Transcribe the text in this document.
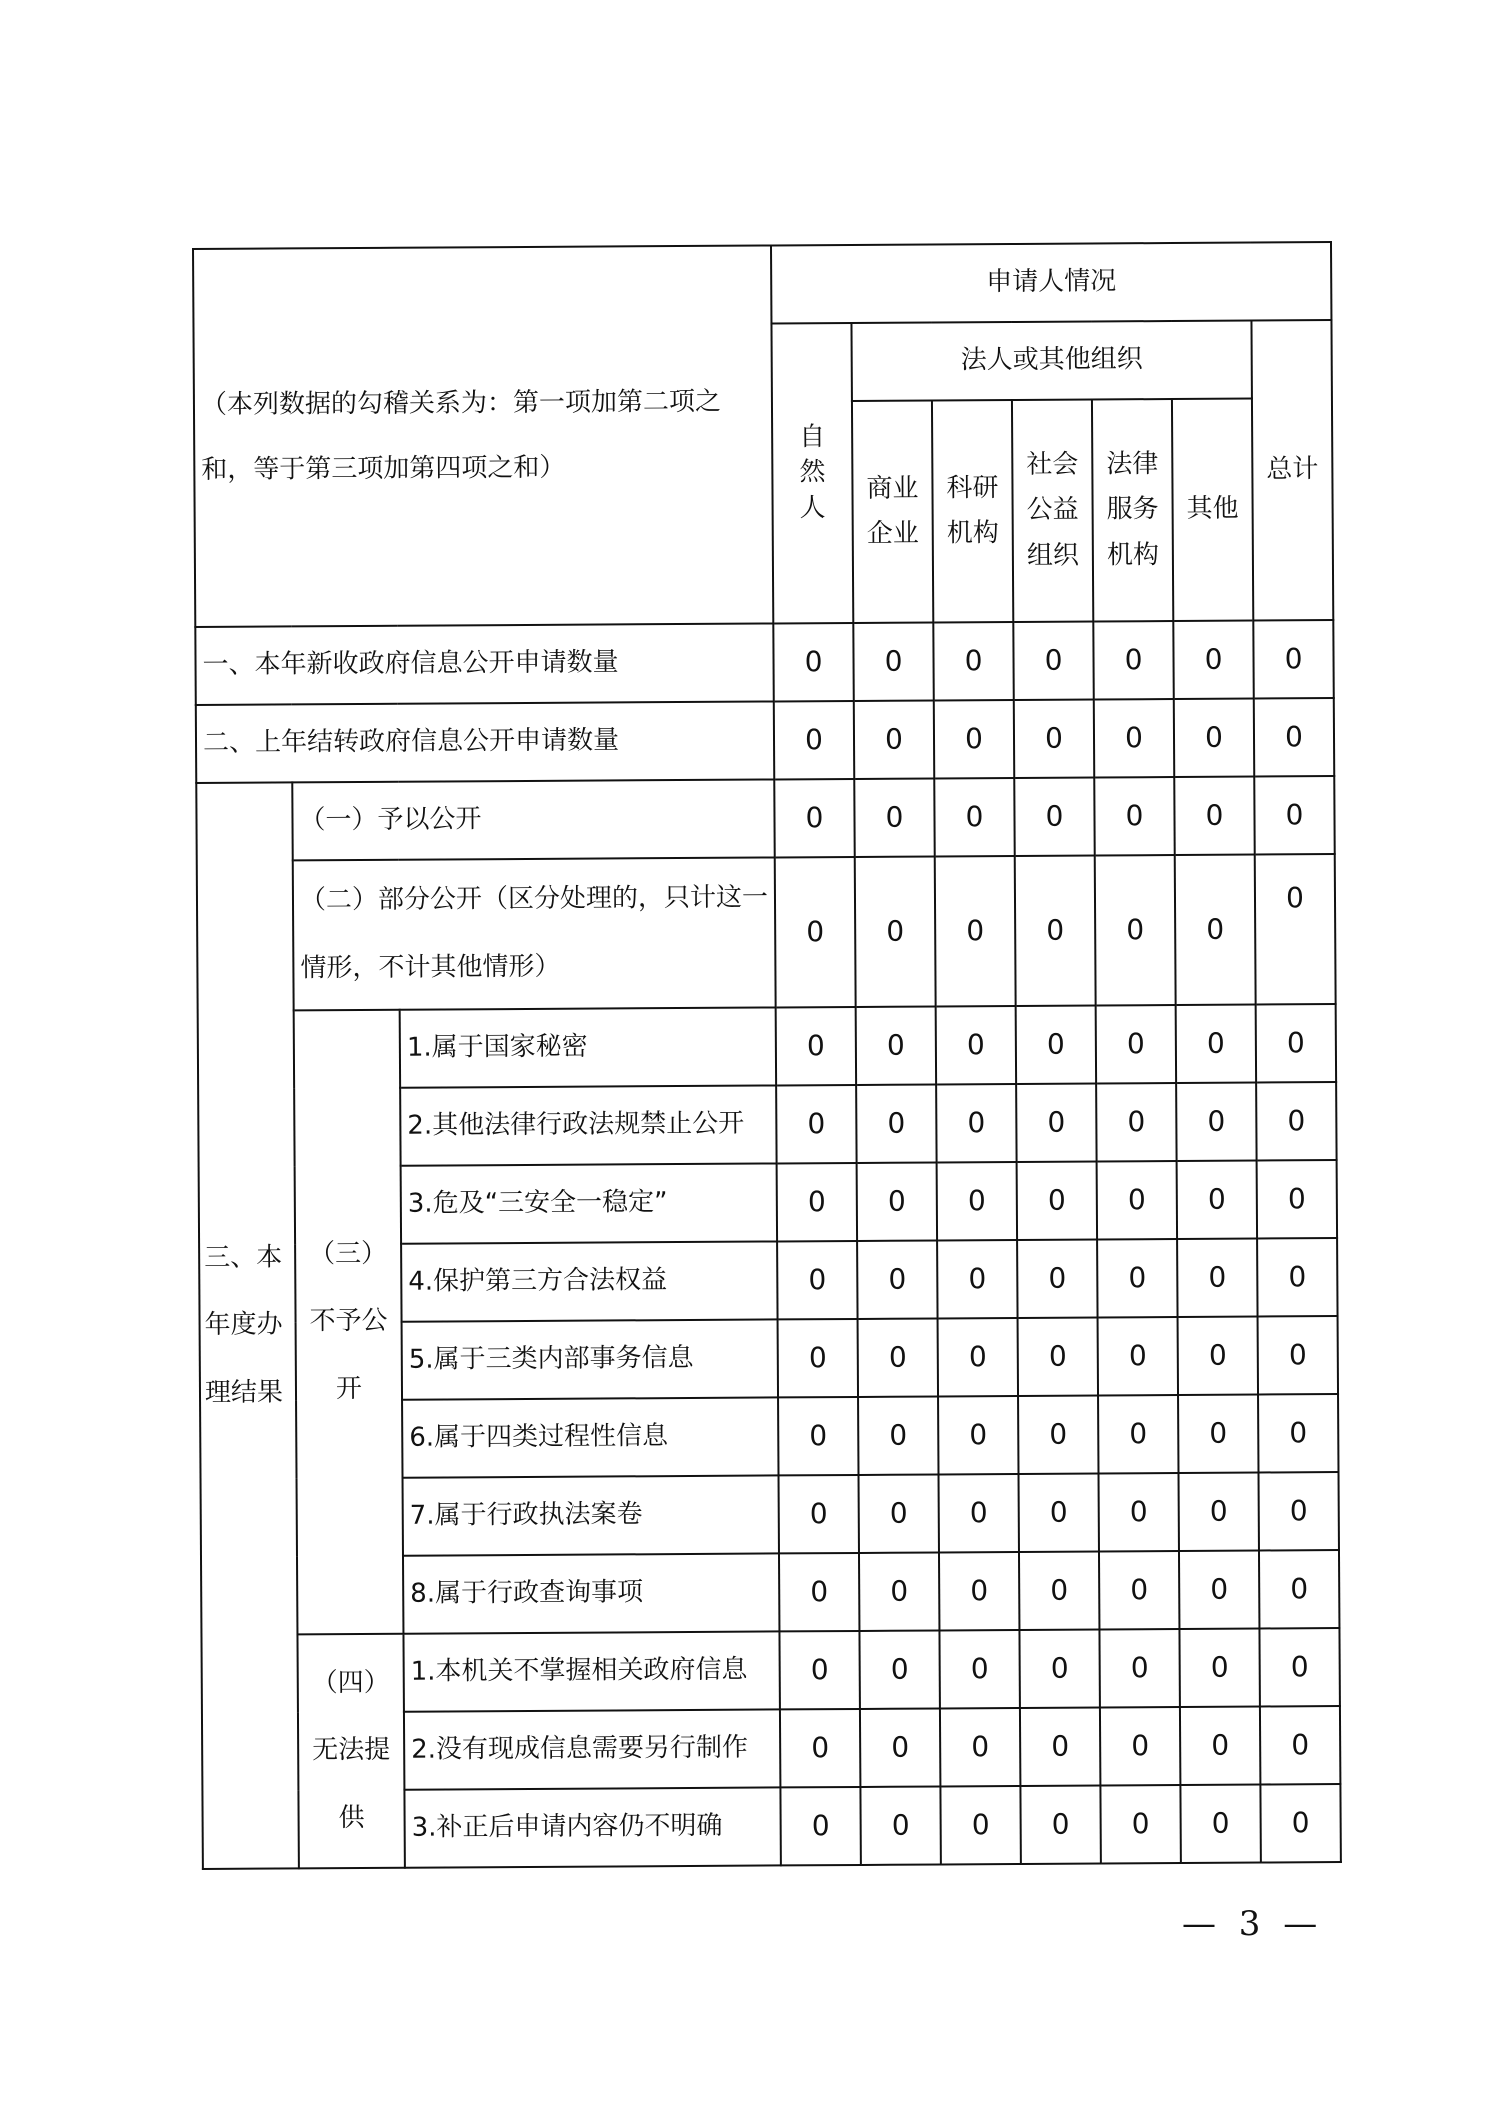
（本列数据的勾稽关系为：第一项加第二项之和，等于第三项加第四项之和）			申请人情况						
			自然人	法人或其他组织					总计
				商业企业	科研机构	社会公益组织	法律服务机构	其他	
一、本年新收政府信息公开申请数量			0	0	0	0	0	0	0
二、上年结转政府信息公开申请数量			0	0	0	0	0	0	0
三、本年度办理结果	（一）予以公开		0	0	0	0	0	0	0
	（二）部分公开（区分处理的，只计这一情形，不计其他情形）		0	0	0	0	0	0	0
	（三）不予公开	1.属于国家秘密	0	0	0	0	0	0	0
		2.其他法律行政法规禁止公开	0	0	0	0	0	0	0
		3.危及“三安全一稳定”	0	0	0	0	0	0	0
		4.保护第三方合法权益	0	0	0	0	0	0	0
		5.属于三类内部事务信息	0	0	0	0	0	0	0
		6.属于四类过程性信息	0	0	0	0	0	0	0
		7.属于行政执法案卷	0	0	0	0	0	0	0
		8.属于行政查询事项	0	0	0	0	0	0	0
	（四）无法提供	1.本机关不掌握相关政府信息	0	0	0	0	0	0	0
		2.没有现成信息需要另行制作	0	0	0	0	0	0	0
		3.补正后申请内容仍不明确	0	0	0	0	0	0	0
— 3 —
